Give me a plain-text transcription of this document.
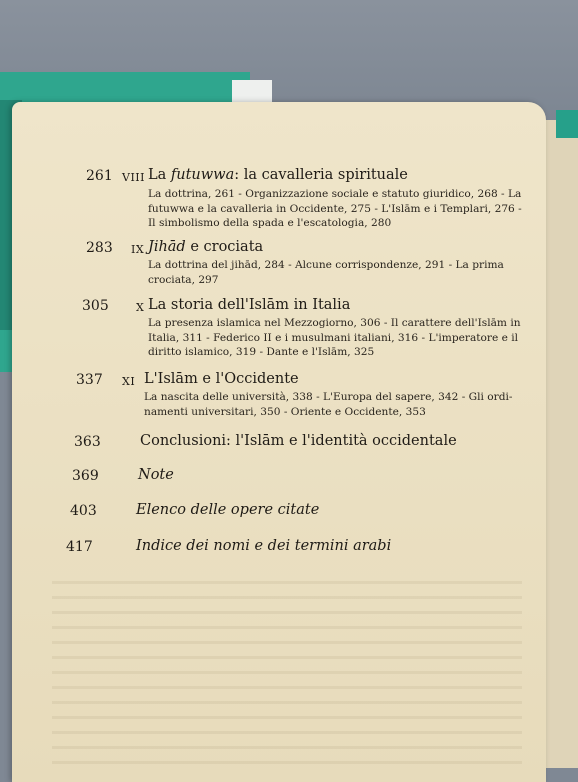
261 VIII La futuwwa: la cavalleria spirituale
La dottrina, 261 - Organizzazione sociale e statuto giuridico, 268 - La
futuwwa e la cavalleria in Occidente, 275 - L'Islām e i Templari, 276 -
Il simbolismo della spada e l'escatologia, 280
283 IX Jihād e crociata
La dottrina del jihād, 284 - Alcune corrispondenze, 291 - La prima
crociata, 297
305 X La storia dell'Islām in Italia
La presenza islamica nel Mezzogiorno, 306 - Il carattere dell'Islām in
Italia, 311 - Federico II e i musulmani italiani, 316 - L'imperatore e il
diritto islamico, 319 - Dante e l'Islām, 325
337 XI L'Islām e l'Occidente
La nascita delle università, 338 - L'Europa del sapere, 342 - Gli ordi-
namenti universitari, 350 - Oriente e Occidente, 353
363	Conclusioni: l'Islām e l'identità occidentale
369	Note
403	Elenco delle opere citate
417	Indice dei nomi e dei termini arabi
